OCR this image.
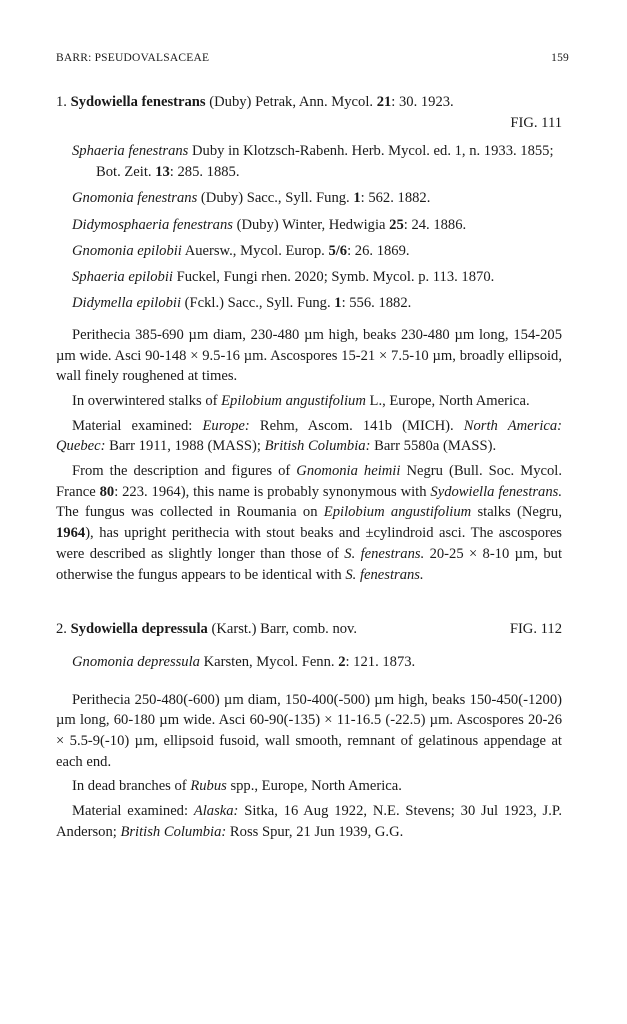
BARR: PSEUDOVALSACEAE	159

1. Sydowiella fenestrans (Duby) Petrak, Ann. Mycol. 21: 30. 1923.
FIG. 111

Sphaeria fenestrans Duby in Klotzsch-Rabenh. Herb. Mycol. ed. 1, n. 1933. 1855; Bot. Zeit. 13: 285. 1885.

Gnomonia fenestrans (Duby) Sacc., Syll. Fung. 1: 562. 1882.

Didymosphaeria fenestrans (Duby) Winter, Hedwigia 25: 24. 1886.

Gnomonia epilobii Auersw., Mycol. Europ. 5/6: 26. 1869.

Sphaeria epilobii Fuckel, Fungi rhen. 2020; Symb. Mycol. p. 113. 1870.

Didymella epilobii (Fckl.) Sacc., Syll. Fung. 1: 556. 1882.

Perithecia 385-690 µm diam, 230-480 µm high, beaks 230-480 µm long, 154-205 µm wide. Asci 90-148 × 9.5-16 µm. Ascospores 15-21 × 7.5-10 µm, broadly ellipsoid, wall finely roughened at times.

In overwintered stalks of Epilobium angustifolium L., Europe, North America.

Material examined: Europe: Rehm, Ascom. 141b (MICH). North America: Quebec: Barr 1911, 1988 (MASS); British Columbia: Barr 5580a (MASS).

From the description and figures of Gnomonia heimii Negru (Bull. Soc. Mycol. France 80: 223. 1964), this name is probably synonymous with Sydowiella fenestrans. The fungus was collected in Roumania on Epilobium angustifolium stalks (Negru, 1964), has upright perithecia with stout beaks and ±cylindroid asci. The ascospores were described as slightly longer than those of S. fenestrans. 20-25 × 8-10 µm, but otherwise the fungus appears to be identical with S. fenestrans.

FIG. 112
2. Sydowiella depressula (Karst.) Barr, comb. nov.

Gnomonia depressula Karsten, Mycol. Fenn. 2: 121. 1873.

Perithecia 250-480(-600) µm diam, 150-400(-500) µm high, beaks 150-450(-1200) µm long, 60-180 µm wide. Asci 60-90(-135) × 11-16.5 (-22.5) µm. Ascospores 20-26 × 5.5-9(-10) µm, ellipsoid fusoid, wall smooth, remnant of gelatinous appendage at each end.

In dead branches of Rubus spp., Europe, North America.

Material examined: Alaska: Sitka, 16 Aug 1922, N.E. Stevens; 30 Jul 1923, J.P. Anderson; British Columbia: Ross Spur, 21 Jun 1939, G.G.
